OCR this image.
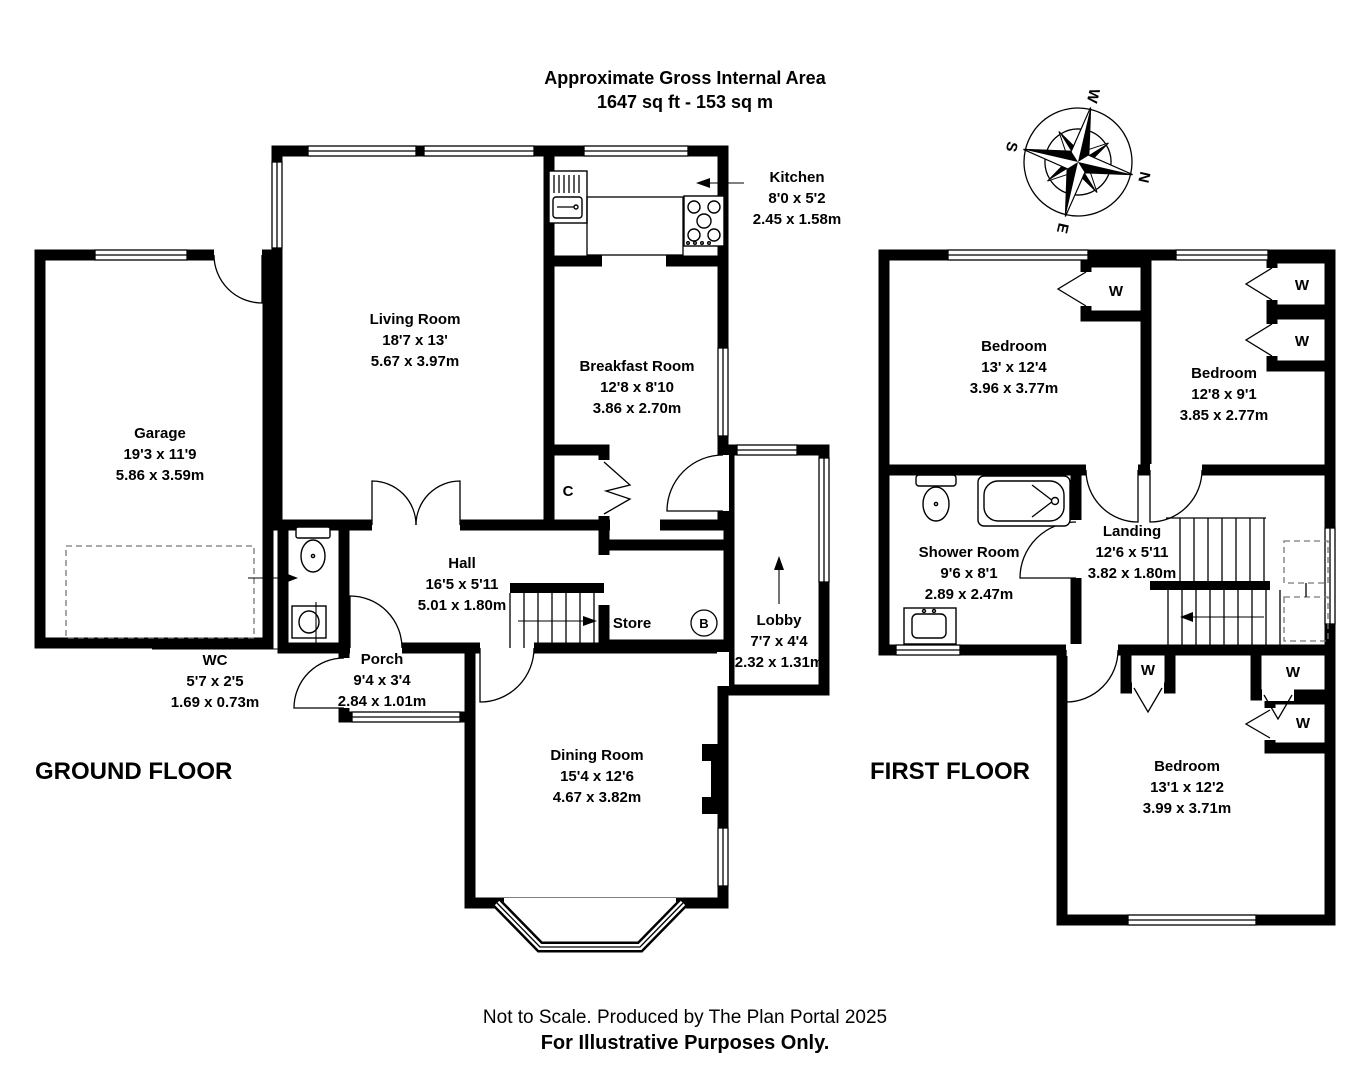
N
E
S
W
Approximate Gross Internal Area
1647 sq ft - 153 sq m
Kitchen
8'0 x 5'2
2.45 x 1.58m
Living Room
18'7 x 13'
5.67 x 3.97m	Breakfast Room
12'8 x 8'10
3.86 x 2.70m
Garage
19'3 x 11'9
5.86 x 3.59m
Hall
16'5 x 5'11
5.01 x 1.80m
WC
5'7 x 2'5
1.69 x 0.73m
Porch
9'4 x 3'4
2.84 x 1.01m
Store	B
C
Lobby
7'7 x 4'4
2.32 x 1.31m
Dining Room
15'4 x 12'6
4.67 x 3.82m
Bedroom
13' x 12'4
3.96 x 3.77m
Bedroom
12'8 x 9'1
3.85 x 2.77m
Shower Room
9'6 x 8'1
2.89 x 2.47m
Landing
12'6 x 5'11
3.82 x 1.80m
Bedroom
13'1 x 12'2
3.99 x 3.71m
W	W
W
W	W
W
GROUND FLOOR	FIRST FLOOR
Not to Scale. Produced by The Plan Portal 2025
For Illustrative Purposes Only.
